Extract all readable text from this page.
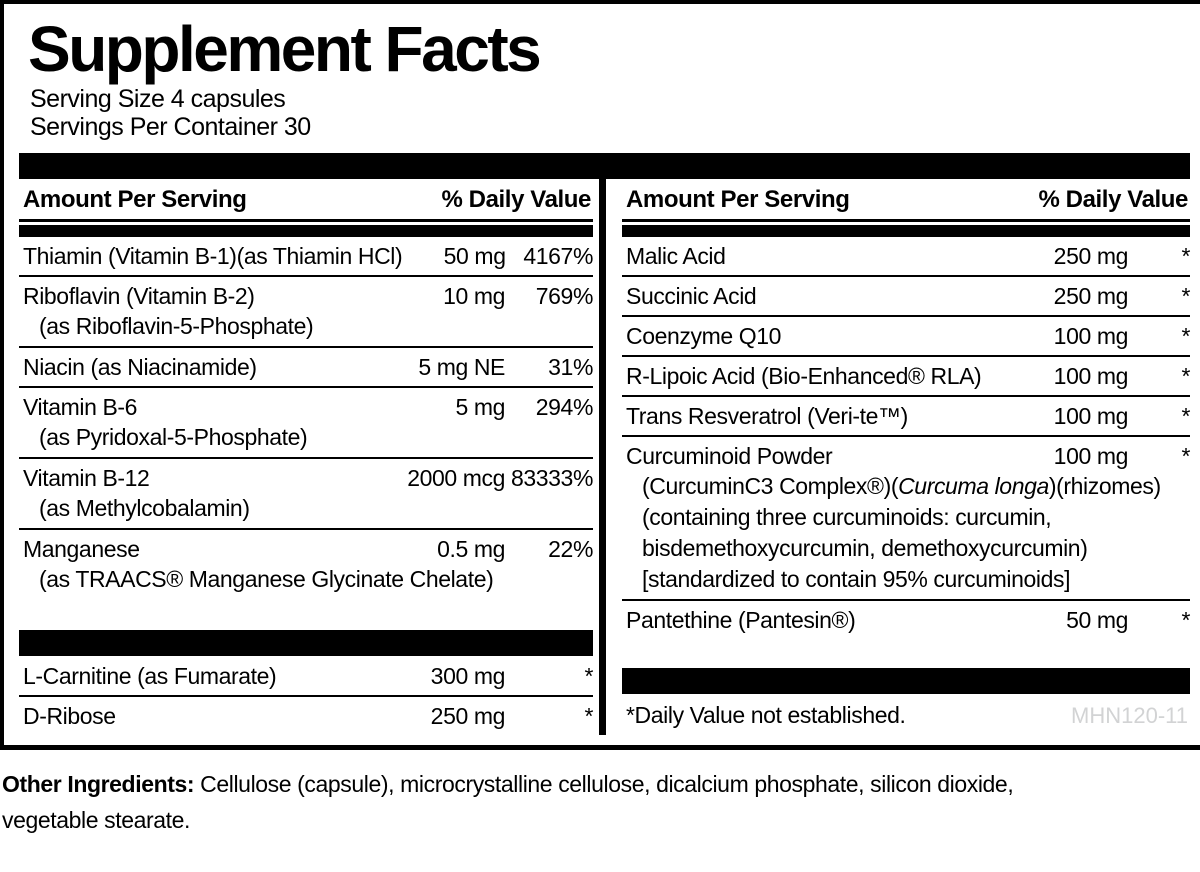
Supplement Facts
Serving Size 4 capsules
Servings Per Container 30
Amount Per Serving	% Daily Value
Thiamin (Vitamin B-1)(as Thiamin HCl)	50 mg 4167%
Riboflavin (Vitamin B-2)	10 mg	769%
(as Riboflavin-5-Phosphate)
Niacin (as Niacinamide)	5 mg NE	31%
Vitamin B-6	5 mg	294%
(as Pyridoxal-5-Phosphate)
Vitamin B-12	2000 mcg 83333%
(as Methylcobalamin)
Manganese	0.5 mg	22%
(as TRAACS® Manganese Glycinate Chelate)
L-Carnitine (as Fumarate)	300 mg	*
D-Ribose	250 mg	*
Amount Per Serving	% Daily Value
Malic Acid	250 mg	*
Succinic Acid	250 mg	*
Coenzyme Q10	100 mg	*
R-Lipoic Acid (Bio-Enhanced® RLA)	100 mg	*
Trans Resveratrol (Veri-te™)	100 mg	*
Curcuminoid Powder	100 mg	*
(CurcuminC3 Complex®)(Curcuma longa)(rhizomes)
(containing three curcuminoids: curcumin,
bisdemethoxycurcumin, demethoxycurcumin)
[standardized to contain 95% curcuminoids]
Pantethine (Pantesin®)	50 mg	*
*Daily Value not established.	MHN120-11
Other Ingredients: Cellulose (capsule), microcrystalline cellulose, dicalcium phosphate, silicon dioxide,
vegetable stearate.
